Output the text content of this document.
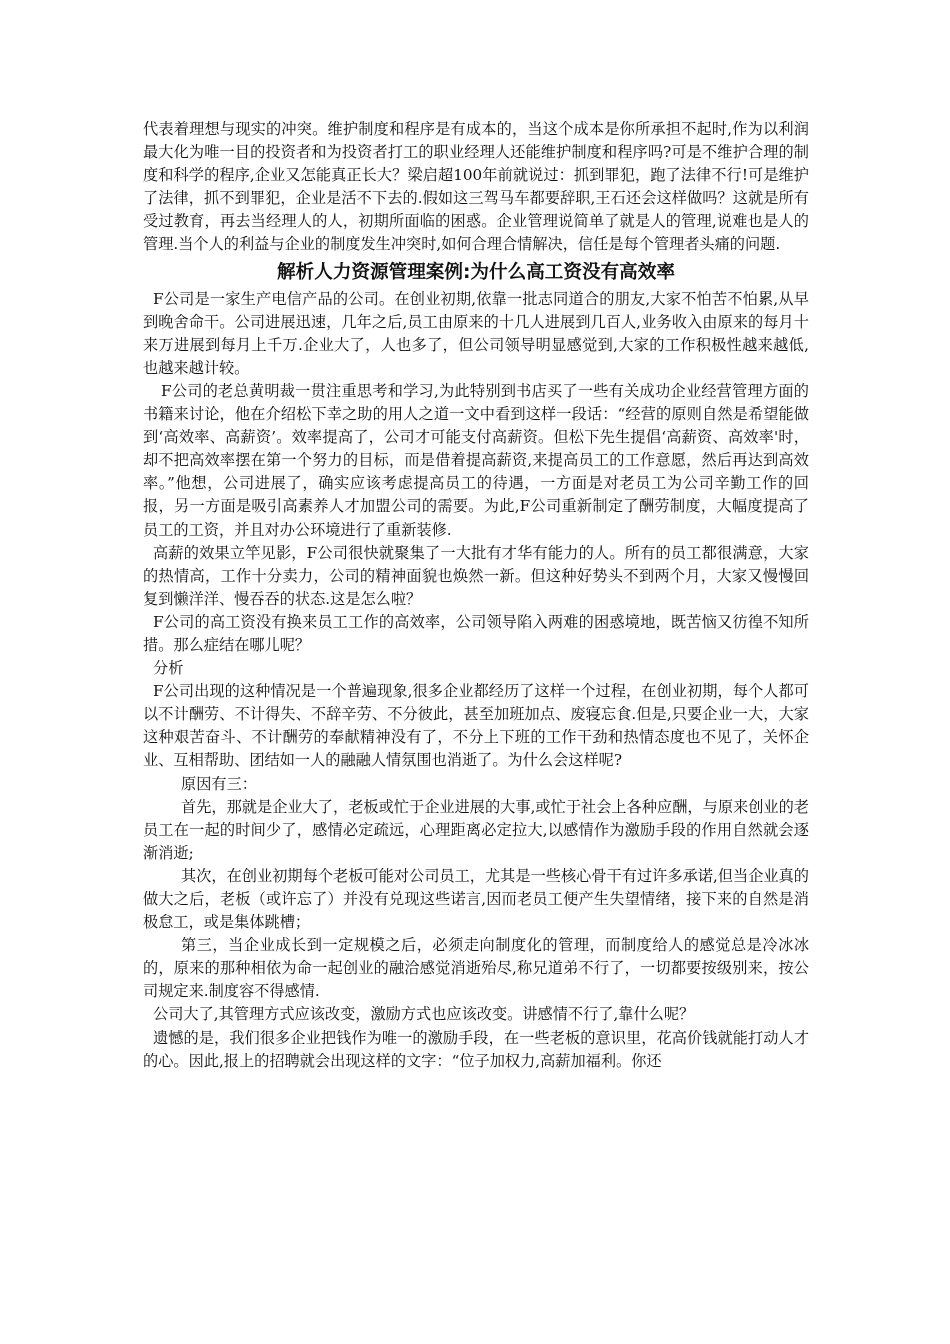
代表着理想与现实的冲突。维护制度和程序是有成本的，当这个成本是你所承担不起时,作为以利润最大化为唯一目的投资者和为投资者打工的职业经理人还能维护制度和程序吗?可是不维护合理的制度和科学的程序,企业又怎能真正长大？梁启超100年前就说过：抓到罪犯，跑了法律不行!可是维护了法律，抓不到罪犯，企业是活不下去的.假如这三驾马车都要辞职,王石还会这样做吗？这就是所有受过教育，再去当经理人的人，初期所面临的困惑。企业管理说简单了就是人的管理,说难也是人的管理.当个人的利益与企业的制度发生冲突时,如何合理合情解决，信任是每个管理者头痛的问题.

解析人力资源管理案例:为什么高工资没有高效率

F公司是一家生产电信产品的公司。在创业初期,依靠一批志同道合的朋友,大家不怕苦不怕累,从早到晚舍命干。公司进展迅速，几年之后,员工由原来的十几人进展到几百人,业务收入由原来的每月十来万进展到每月上千万.企业大了，人也多了，但公司领导明显感觉到,大家的工作积极性越来越低,也越来越计较。

F公司的老总黄明裁一贯注重思考和学习,为此特别到书店买了一些有关成功企业经营管理方面的书籍来讨论，他在介绍松下幸之助的用人之道一文中看到这样一段话：“经营的原则自然是希望能做到‘高效率、高薪资’。效率提高了，公司才可能支付高薪资。但松下先生提倡‘高薪资、高效率'时，却不把高效率摆在第一个努力的目标，而是借着提高薪资,来提高员工的工作意愿，然后再达到高效率。”他想，公司进展了，确实应该考虑提高员工的待遇，一方面是对老员工为公司辛勤工作的回报，另一方面是吸引高素养人才加盟公司的需要。为此,F公司重新制定了酬劳制度，大幅度提高了员工的工资，并且对办公环境进行了重新装修.

高薪的效果立竿见影，F公司很快就聚集了一大批有才华有能力的人。所有的员工都很满意，大家的热情高，工作十分卖力，公司的精神面貌也焕然一新。但这种好势头不到两个月，大家又慢慢回复到懒洋洋、慢吞吞的状态.这是怎么啦？

F公司的高工资没有换来员工工作的高效率，公司领导陷入两难的困惑境地，既苦恼又彷徨不知所措。那么症结在哪儿呢？

分析

F公司出现的这种情况是一个普遍现象,很多企业都经历了这样一个过程，在创业初期，每个人都可以不计酬劳、不计得失、不辞辛劳、不分彼此，甚至加班加点、废寝忘食.但是,只要企业一大，大家这种艰苦奋斗、不计酬劳的奉献精神没有了，不分上下班的工作干劲和热情态度也不见了，关怀企业、互相帮助、团结如一人的融融人情氛围也消逝了。为什么会这样呢?

原因有三：

首先，那就是企业大了，老板或忙于企业进展的大事,或忙于社会上各种应酬，与原来创业的老员工在一起的时间少了，感情必定疏远，心理距离必定拉大,以感情作为激励手段的作用自然就会逐渐消逝;

其次，在创业初期每个老板可能对公司员工，尤其是一些核心骨干有过许多承诺,但当企业真的做大之后，老板（或许忘了）并没有兑现这些诺言,因而老员工便产生失望情绪，接下来的自然是消极怠工，或是集体跳槽；

第三，当企业成长到一定规模之后，必须走向制度化的管理，而制度给人的感觉总是冷冰冰的，原来的那种相依为命一起创业的融洽感觉消逝殆尽,称兄道弟不行了，一切都要按级别来，按公司规定来.制度容不得感情.

公司大了,其管理方式应该改变，激励方式也应该改变。讲感情不行了,靠什么呢？

遗憾的是，我们很多企业把钱作为唯一的激励手段，在一些老板的意识里，花高价钱就能打动人才的心。因此,报上的招聘就会出现这样的文字：“位子加权力,高薪加福利。你还
